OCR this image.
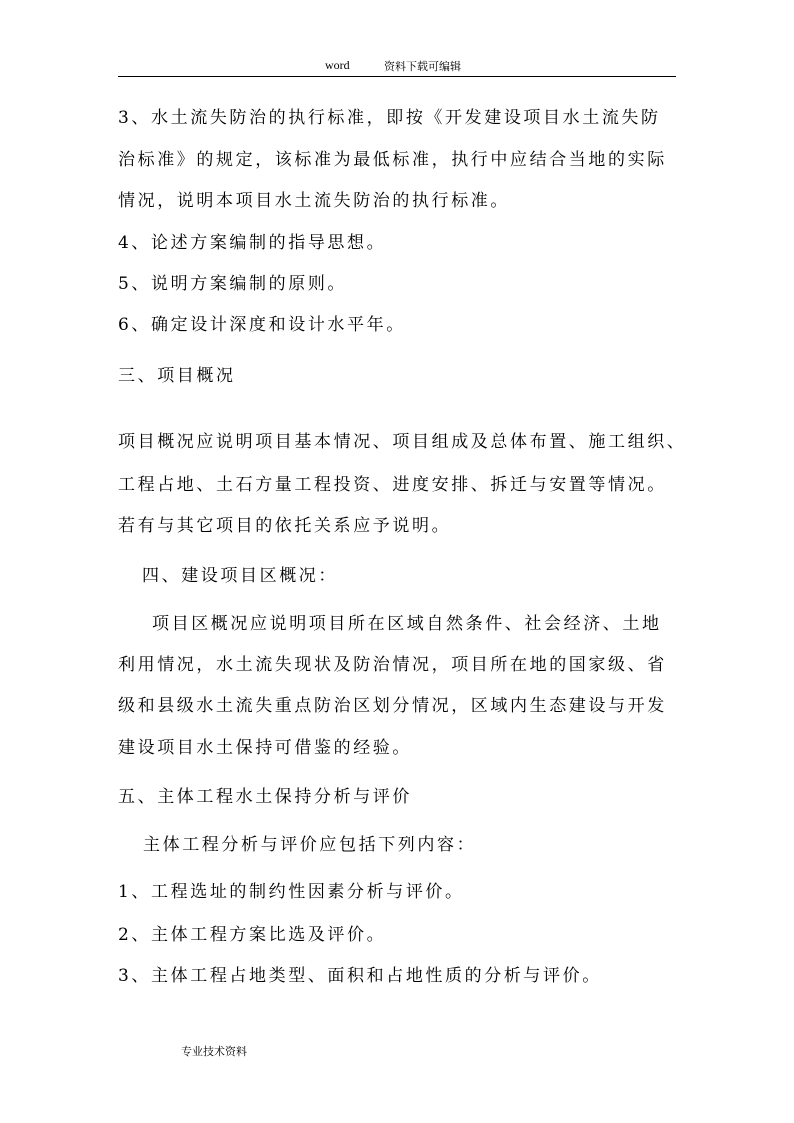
word	资料下载可编辑
3、水土流失防治的执行标准，即按《开发建设项目水土流失防
治标准》的规定，该标准为最低标准，执行中应结合当地的实际
情况，说明本项目水土流失防治的执行标准。
4、论述方案编制的指导思想。
5、说明方案编制的原则。
6、确定设计深度和设计水平年。
三、项目概况
项目概况应说明项目基本情况、项目组成及总体布置、施工组织、
工程占地、土石方量工程投资、进度安排、拆迁与安置等情况。
若有与其它项目的依托关系应予说明。
四、建设项目区概况：
项目区概况应说明项目所在区域自然条件、社会经济、土地
利用情况，水土流失现状及防治情况，项目所在地的国家级、省
级和县级水土流失重点防治区划分情况，区域内生态建设与开发
建设项目水土保持可借鉴的经验。
五、主体工程水土保持分析与评价
主体工程分析与评价应包括下列内容：
1、工程选址的制约性因素分析与评价。
2、主体工程方案比选及评价。
3、主体工程占地类型、面积和占地性质的分析与评价。
专业技术资料
